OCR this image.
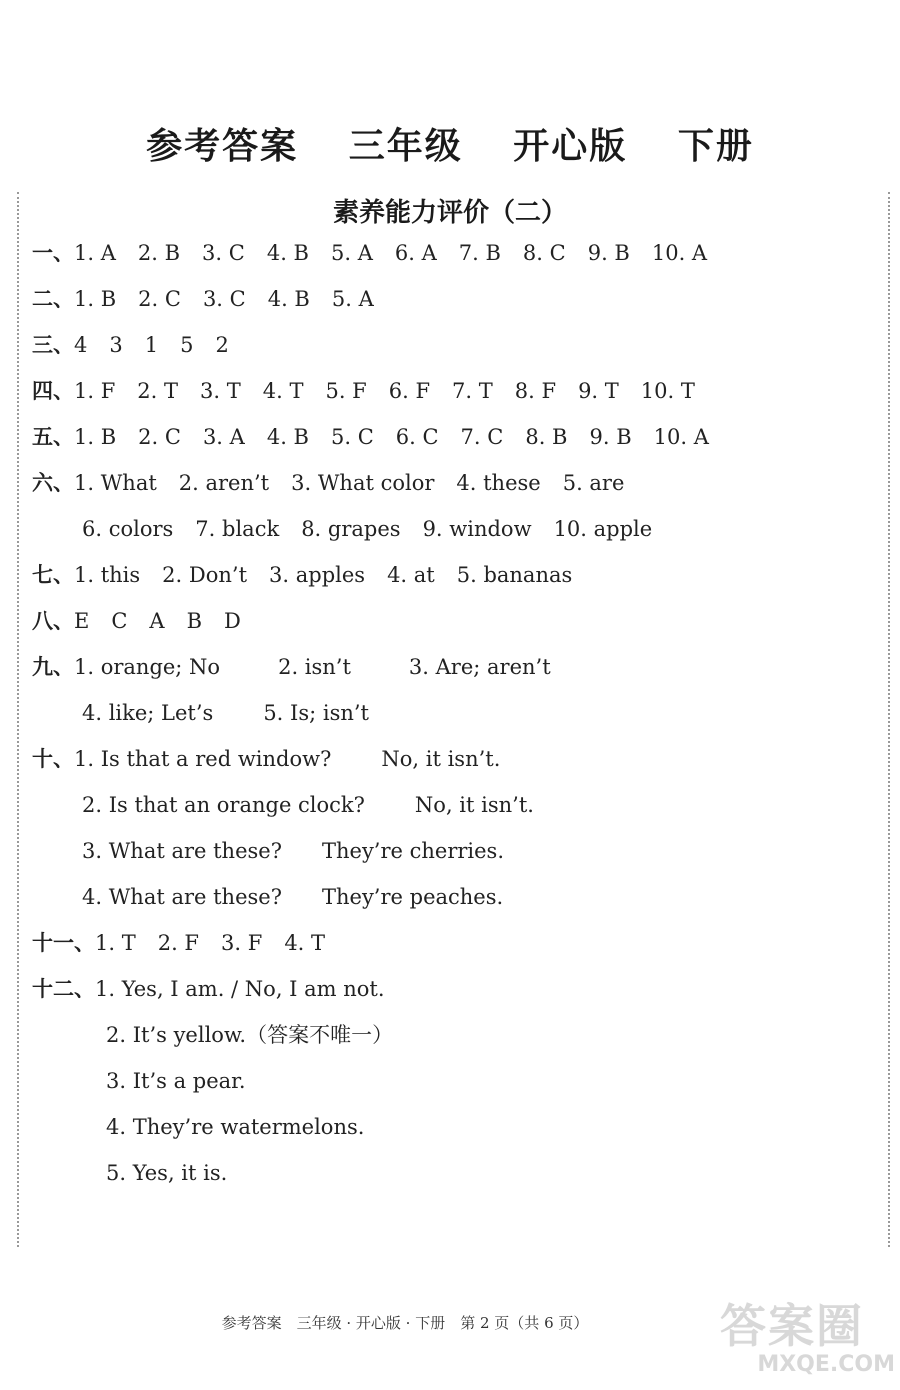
参考答案 三年级 开心版 下册
素养能力评价（二）
一、1. A 2. B 3. C 4. B 5. A 6. A 7. B 8. C 9. B 10. A
二、1. B 2. C 3. C 4. B 5. A
三、4 3 1 5 2
四、1. F 2. T 3. T 4. T 5. F 6. F 7. T 8. F 9. T 10. T
五、1. B 2. C 3. A 4. B 5. C 6. C 7. C 8. B 9. B 10. A
六、1. What 2. aren’t 3. What color 4. these 5. are
6. colors 7. black 8. grapes 9. window 10. apple
七、1. this 2. Don’t 3. apples 4. at 5. bananas
八、E C A B D
九、1. orange; No	2. isn’t	3. Are; aren’t
4. like; Let’s 5. Is; isn’t
十、1. Is that a red window? No, it isn’t.
2. Is that an orange clock? No, it isn’t.
3. What are these? They’re cherries.
4. What are these? They’re peaches.
十一、1. T 2. F 3. F 4. T
十二、1. Yes, I am. / No, I am not.
2. It’s yellow.（答案不唯一）
3. It’s a pear.
4. They’re watermelons.
5. Yes, it is.
参考答案　三年级 · 开心版 · 下册　第 2 页（共 6 页）	答案圈
MXQE.COM
